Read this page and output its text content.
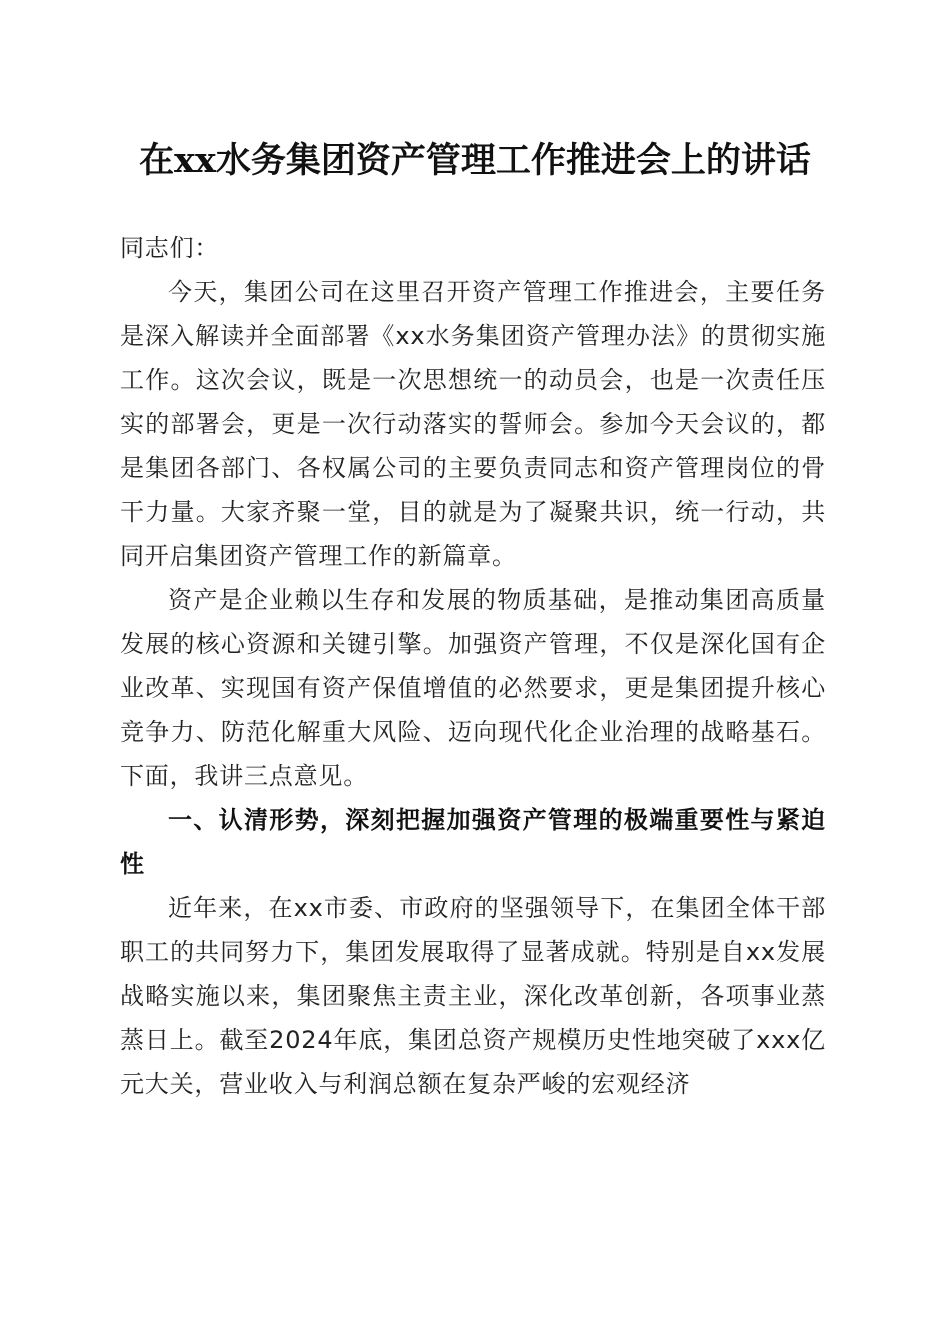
在xx水务集团资产管理工作推进会上的讲话

同志们：

今天，集团公司在这里召开资产管理工作推进会，主要任务是深入解读并全面部署《xx水务集团资产管理办法》的贯彻实施工作。这次会议，既是一次思想统一的动员会，也是一次责任压实的部署会，更是一次行动落实的誓师会。参加今天会议的，都是集团各部门、各权属公司的主要负责同志和资产管理岗位的骨干力量。大家齐聚一堂，目的就是为了凝聚共识，统一行动，共同开启集团资产管理工作的新篇章。

资产是企业赖以生存和发展的物质基础，是推动集团高质量发展的核心资源和关键引擎。加强资产管理，不仅是深化国有企业改革、实现国有资产保值增值的必然要求，更是集团提升核心竞争力、防范化解重大风险、迈向现代化企业治理的战略基石。下面，我讲三点意见。

一、认清形势，深刻把握加强资产管理的极端重要性与紧迫性

近年来，在xx市委、市政府的坚强领导下，在集团全体干部职工的共同努力下，集团发展取得了显著成就。特别是自xx发展战略实施以来，集团聚焦主责主业，深化改革创新，各项事业蒸蒸日上。截至2024年底，集团总资产规模历史性地突破了xxx亿元大关，营业收入与利润总额在复杂严峻的宏观经济
